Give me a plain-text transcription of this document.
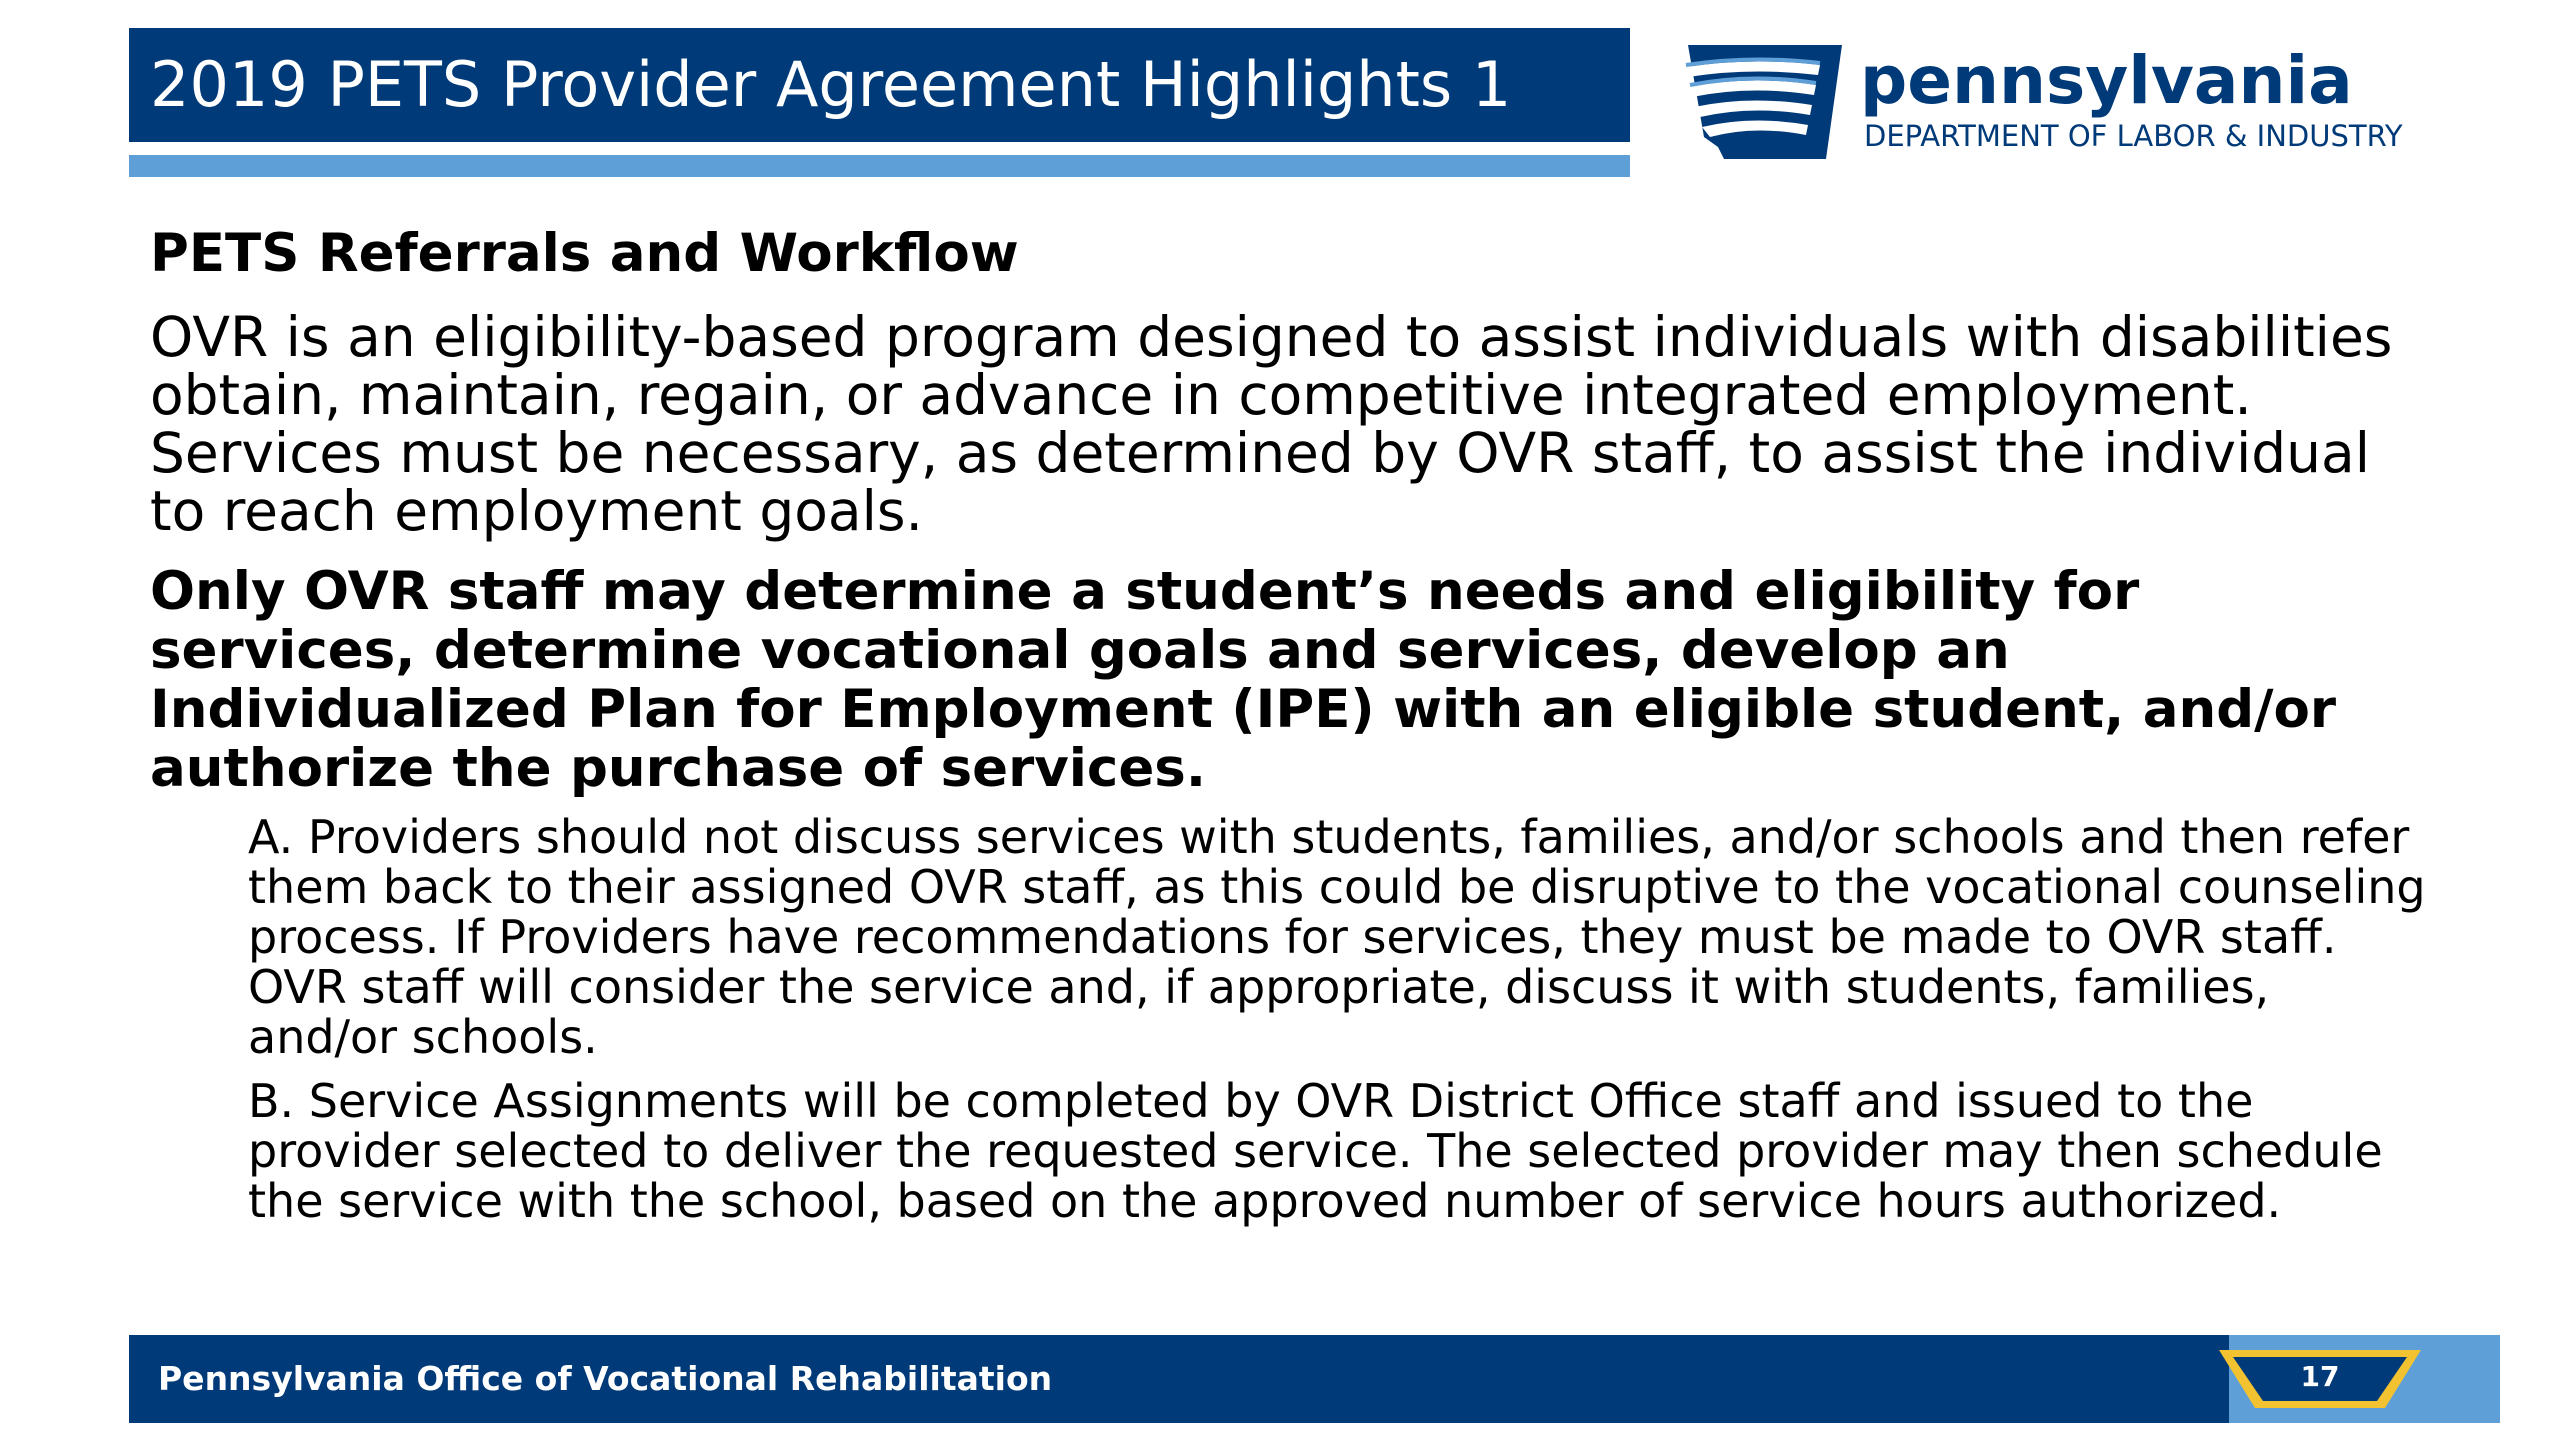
2019 PETS Provider Agreement Highlights 1	pennsylvania
DEPARTMENT OF LABOR & INDUSTRY
PETS Referrals and Workflow
OVR is an eligibility-based program designed to assist individuals with disabilities obtain, maintain, regain, or advance in competitive integrated employment. Services must be necessary, as determined by OVR staff, to assist the individual to reach employment goals.
Only OVR staff may determine a student’s needs and eligibility for services, determine vocational goals and services, develop an Individualized Plan for Employment (IPE) with an eligible student, and/or authorize the purchase of services.
A. Providers should not discuss services with students, families, and/or schools and then refer them back to their assigned OVR staff, as this could be disruptive to the vocational counseling process. If Providers have recommendations for services, they must be made to OVR staff. OVR staff will consider the service and, if appropriate, discuss it with students, families, and/or schools.
B. Service Assignments will be completed by OVR District Office staff and issued to the provider selected to deliver the requested service. The selected provider may then schedule the service with the school, based on the approved number of service hours authorized.
Pennsylvania Office of Vocational Rehabilitation	17
